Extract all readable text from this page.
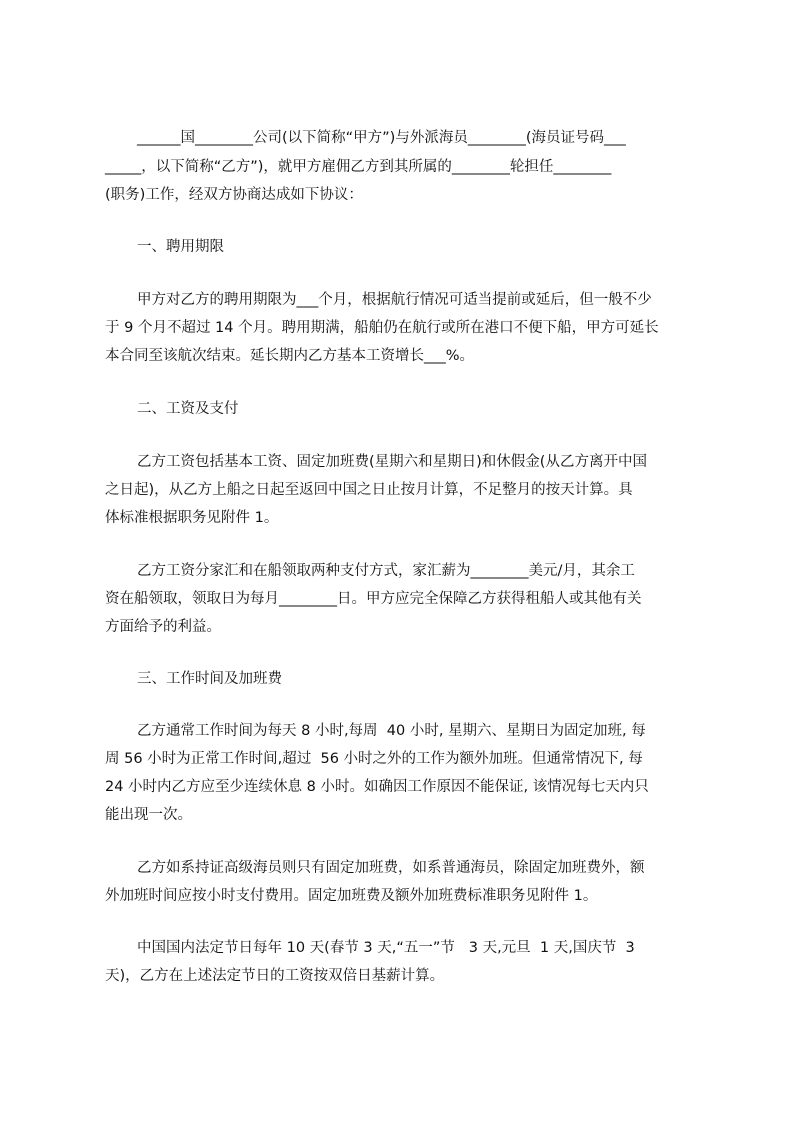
______国________公司(以下简称“甲方”)与外派海员________(海员证号码___
_____，以下简称“乙方”)，就甲方雇佣乙方到其所属的________轮担任________
(职务)工作，经双方协商达成如下协议：
一、聘用期限
甲方对乙方的聘用期限为___个月，根据航行情况可适当提前或延后，但一般不少
于 9 个月不超过 14 个月。聘用期满，船舶仍在航行或所在港口不便下船，甲方可延长
本合同至该航次结束。延长期内乙方基本工资增长___%。
二、工资及支付
乙方工资包括基本工资、固定加班费(星期六和星期日)和休假金(从乙方离开中国
之日起)，从乙方上船之日起至返回中国之日止按月计算，不足整月的按天计算。具
体标准根据职务见附件 1。
乙方工资分家汇和在船领取两种支付方式，家汇薪为________美元/月，其余工
资在船领取，领取日为每月________日。甲方应完全保障乙方获得租船人或其他有关
方面给予的利益。
三、工作时间及加班费
乙方通常工作时间为每天 8 小时,每周  40 小时, 星期六、星期日为固定加班, 每
周 56 小时为正常工作时间,超过  56 小时之外的工作为额外加班。但通常情况下, 每
24 小时内乙方应至少连续休息 8 小时。如确因工作原因不能保证, 该情况每七天内只
能出现一次。
乙方如系持证高级海员则只有固定加班费，如系普通海员，除固定加班费外，额
外加班时间应按小时支付费用。固定加班费及额外加班费标准职务见附件 1。
中国国内法定节日每年 10 天(春节 3 天,“五一”节   3 天,元旦  1 天,国庆节  3
天)，乙方在上述法定节日的工资按双倍日基薪计算。
